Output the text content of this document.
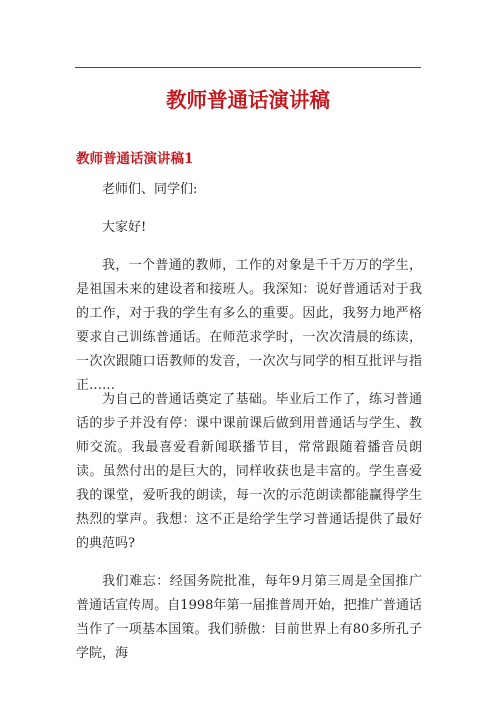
教师普通话演讲稿
教师普通话演讲稿1

老师们、同学们:

大家好!

我，一个普通的教师，工作的对象是千千万万的学生，是祖国未来的建设者和接班人。我深知：说好普通话对于我的工作，对于我的学生有多么的重要。因此，我努力地严格要求自己训练普通话。在师范求学时，一次次清晨的练读，一次次跟随口语教师的发音，一次次与同学的相互批评与指正……

为自己的普通话奠定了基础。毕业后工作了，练习普通话的步子并没有停：课中课前课后做到用普通话与学生、教师交流。我最喜爱看新闻联播节目，常常跟随着播音员朗读。虽然付出的是巨大的，同样收获也是丰富的。学生喜爱我的课堂，爱听我的朗读，每一次的示范朗读都能赢得学生热烈的掌声。我想：这不正是给学生学习普通话提供了最好的典范吗?

我们难忘：经国务院批准，每年9月第三周是全国推广普通话宣传周。自1998年第一届推普周开始，把推广普通话当作了一项基本国策。我们骄傲：目前世界上有80多所孔子学院，海
